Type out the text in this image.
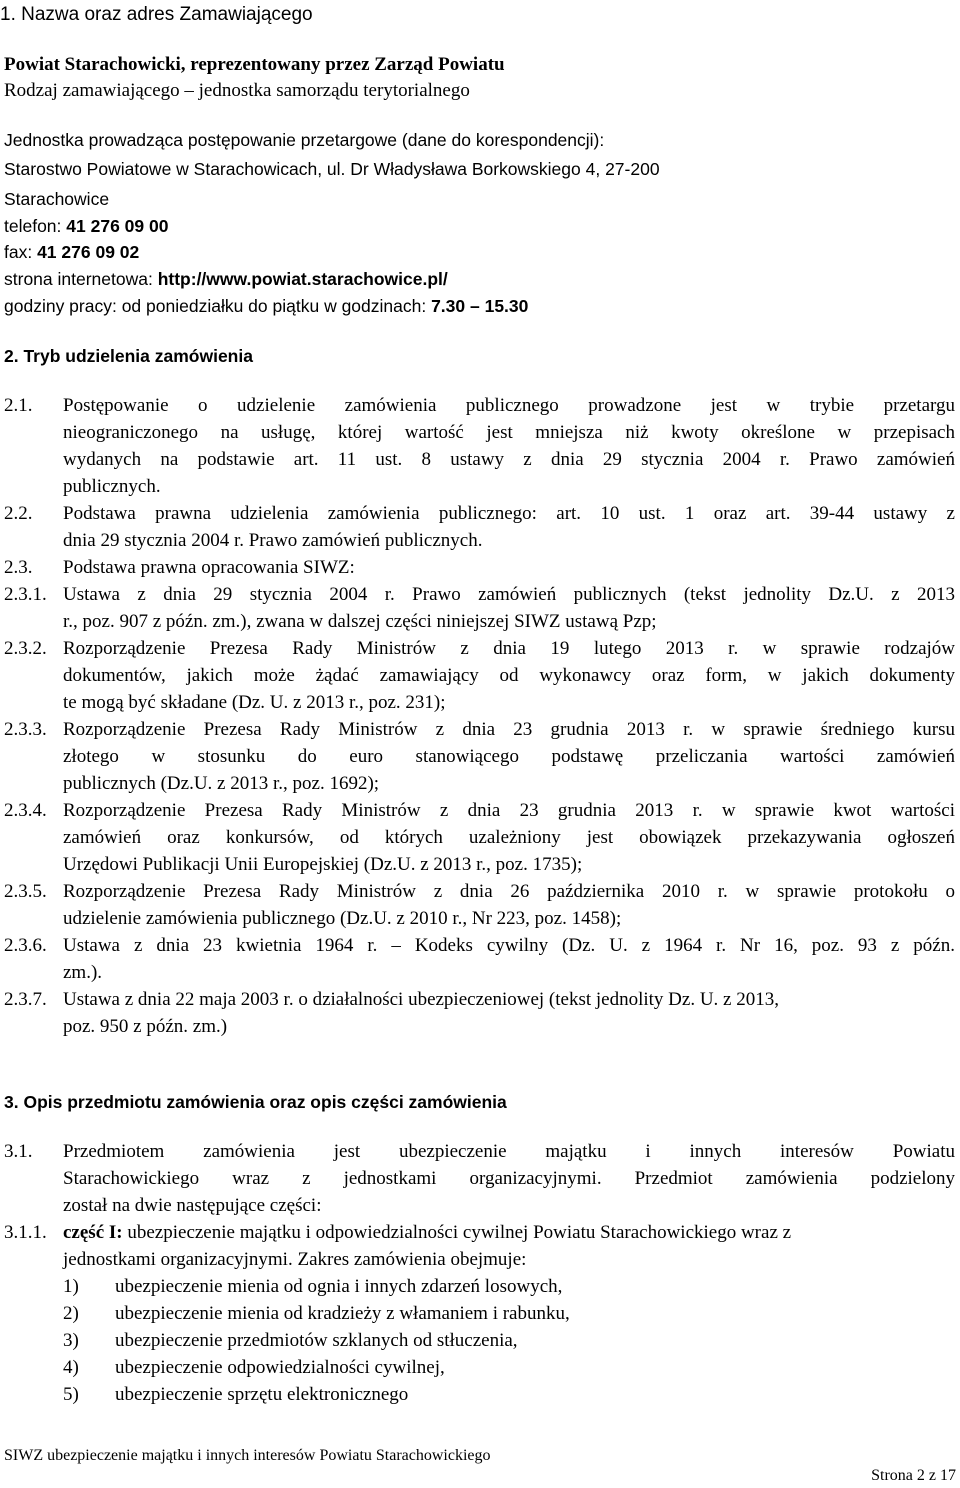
1. Nazwa oraz adres Zamawiającego
Powiat Starachowicki, reprezentowany przez Zarząd Powiatu
Rodzaj zamawiającego – jednostka samorządu terytorialnego
Jednostka prowadząca postępowanie przetargowe (dane do korespondencji):
Starostwo Powiatowe w Starachowicach, ul. Dr Władysława Borkowskiego 4, 27-200
Starachowice
telefon: 41 276 09 00
fax: 41 276 09 02
strona internetowa: http://www.powiat.starachowice.pl/
godziny pracy: od poniedziałku do piątku w godzinach: 7.30 – 15.30
2. Tryb udzielenia zamówienia
2.1. Postępowanie o udzielenie zamówienia publicznego prowadzone jest w trybie przetargu
nieograniczonego na usługę, której wartość jest mniejsza niż kwoty określone w przepisach
wydanych na podstawie art. 11 ust. 8 ustawy z dnia 29 stycznia 2004 r. Prawo zamówień
publicznych.
2.2. Podstawa prawna udzielenia zamówienia publicznego: art. 10 ust. 1 oraz art. 39-44 ustawy z
dnia 29 stycznia 2004 r. Prawo zamówień publicznych.
2.3. Podstawa prawna opracowania SIWZ:
2.3.1. Ustawa z dnia 29 stycznia 2004 r. Prawo zamówień publicznych (tekst jednolity Dz.U. z 2013
r., poz. 907 z późn. zm.), zwana w dalszej części niniejszej SIWZ ustawą Pzp;
2.3.2. Rozporządzenie Prezesa Rady Ministrów z dnia 19 lutego 2013 r. w sprawie rodzajów
dokumentów, jakich może żądać zamawiający od wykonawcy oraz form, w jakich dokumenty
te mogą być składane (Dz. U. z 2013 r., poz. 231);
2.3.3. Rozporządzenie Prezesa Rady Ministrów z dnia 23 grudnia 2013 r. w sprawie średniego kursu
złotego w stosunku do euro stanowiącego podstawę przeliczania wartości zamówień
publicznych (Dz.U. z 2013 r., poz. 1692);
2.3.4. Rozporządzenie Prezesa Rady Ministrów z dnia 23 grudnia 2013 r. w sprawie kwot wartości
zamówień oraz konkursów, od których uzależniony jest obowiązek przekazywania ogłoszeń
Urzędowi Publikacji Unii Europejskiej (Dz.U. z 2013 r., poz. 1735);
2.3.5. Rozporządzenie Prezesa Rady Ministrów z dnia 26 października 2010 r. w sprawie protokołu o
udzielenie zamówienia publicznego (Dz.U. z 2010 r., Nr 223, poz. 1458);
2.3.6. Ustawa z dnia 23 kwietnia 1964 r. – Kodeks cywilny (Dz. U. z 1964 r. Nr 16, poz. 93 z późn.
zm.).
2.3.7. Ustawa z dnia 22 maja 2003 r. o działalności ubezpieczeniowej (tekst jednolity Dz. U. z 2013,
poz. 950 z późn. zm.)
3. Opis przedmiotu zamówienia oraz opis części zamówienia
3.1. Przedmiotem zamówienia jest ubezpieczenie majątku i innych interesów Powiatu
Starachowickiego wraz z jednostkami organizacyjnymi. Przedmiot zamówienia podzielony
został na dwie następujące części:
3.1.1. część I: ubezpieczenie majątku i odpowiedzialności cywilnej Powiatu Starachowickiego wraz z
jednostkami organizacyjnymi. Zakres zamówienia obejmuje:
1) ubezpieczenie mienia od ognia i innych zdarzeń losowych,
2) ubezpieczenie mienia od kradzieży z włamaniem i rabunku,
3) ubezpieczenie przedmiotów szklanych od stłuczenia,
4) ubezpieczenie odpowiedzialności cywilnej,
5) ubezpieczenie sprzętu elektronicznego
SIWZ ubezpieczenie majątku i innych interesów Powiatu Starachowickiego
Strona 2 z 17
